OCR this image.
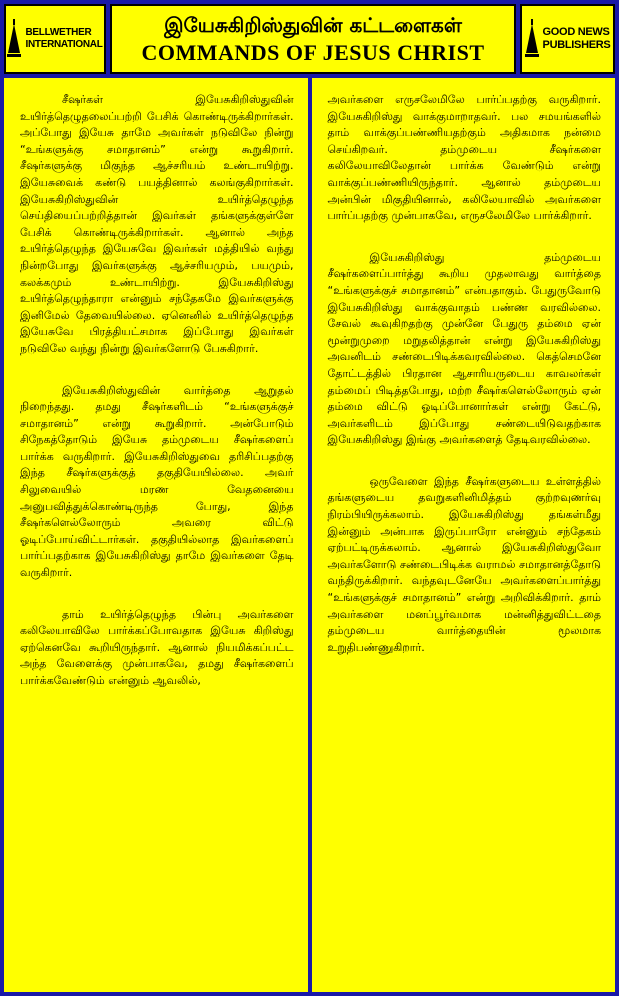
BELLWETHER
INTERNATIONAL
இயேசுகிறிஸ்துவின் கட்டளைகள்
COMMANDS OF JESUS CHRIST
GOOD NEWS
PUBLISHERS

சீஷர்கள் இயேசுகிறிஸ்துவின் உயிர்த்தெழுதலைப்பற்றி பேசிக் கொண்டிருக்கிறார்கள். அப்போது இயேசு தாமே அவர்கள் நடுவிலே நின்று “உங்களுக்கு சமாதானம்” என்று கூறுகிறார். சீஷர்களுக்கு மிகுந்த ஆச்சரியம் உண்டாயிற்று. இயேசுவைக் கண்டு பயத்தினால் கலங்குகிறார்கள். இயேசுகிறிஸ்துவின் உயிர்த்தெழுந்த செய்தியைப்பற்றித்தான் இவர்கள் தங்களுக்குள்ளே பேசிக் கொண்டிருக்கிறார்கள். ஆனால் அந்த உயிர்த்தெழுந்த இயேசுவே இவர்கள் மத்தியில் வந்து நின்றபோது இவர்களுக்கு ஆச்சரியமும், பயமும், கலக்கமும் உண்டாயிற்று. இயேசுகிறிஸ்து உயிர்த்தெழுந்தாரா என்னும் சந்தேகமே இவர்களுக்கு இனிமேல் தேவையில்லை. ஏனெனில் உயிர்த்தெழுந்த இயேசுவே பிரத்தியட்சமாக இப்போது இவர்கள் நடுவிலே வந்து நின்று இவர்களோடு பேசுகிறார்.

இயேசுகிறிஸ்துவின் வார்த்தை ஆறுதல் நிறைந்தது. தமது சீஷர்களிடம் “உங்களுக்குச் சமாதானம்” என்று கூறுகிறார். அன்போடும் சிநேகத்தோடும் இயேசு தம்முடைய சீஷர்களைப் பார்க்க வருகிறார். இயேசுகிறிஸ்துவை தரிசிப்பதற்கு இந்த சீஷர்களுக்குத் தகுதியேயில்லை. அவர் சிலுவையில் மரண வேதனையை அனுபவித்துக்கொண்டிருந்த போது, இந்த சீஷர்களெல்லோரும் அவரை விட்டு ஓடிப்போய்விட்டார்கள். தகுதியில்லாத இவர்களைப் பார்ப்பதற்காக இயேசுகிறிஸ்து தாமே இவர்களை தேடி வருகிறார்.

தாம் உயிர்த்தெழுந்த பின்பு அவர்களை கலிலேயாவிலே பார்க்கப்போவதாக இயேசு கிறிஸ்து ஏற்கெனவே கூறியிருந்தார். ஆனால் நியமிக்கப்பட்ட அந்த வேளைக்கு முன்பாகவே, தமது சீஷர்களைப் பார்க்கவேண்டும் என்னும் ஆவலில்,

அவர்களை எருசலேமிலே பார்ப்பதற்கு வருகிறார். இயேசுகிறிஸ்து வாக்குமாறாதவர். பல சமயங்களில் தாம் வாக்குப்பண்ணியதற்கும் அதிகமாக நன்மை செய்கிறவர். தம்முடைய சீஷர்களை கலிலேயாவிலேதான் பார்க்க வேண்டும் என்று வாக்குப்பண்ணியிருந்தார். ஆனால் தம்முடைய அன்பின் மிகுதியினால், கலிலேயாவில் அவர்களை பார்ப்பதற்கு முன்பாகவே, எருசலேமிலே பார்க்கிறார்.

இயேசுகிறிஸ்து தம்முடைய சீஷர்களைப்பார்த்து கூறிய முதலாவது வார்த்தை “உங்களுக்குச் சமாதானம்” என்பதாகும். பேதுருவோடு இயேசுகிறிஸ்து வாக்குவாதம் பண்ண வரவில்லை. சேவல் கூவுகிறதற்கு முன்னே பேதுரு தம்மை ஏன் மூன்றுமுறை மறுதலித்தான் என்று இயேசுகிறிஸ்து அவனிடம் சண்டைபிடிக்கவரவில்லை. கெத்செமனே தோட்டத்தில் பிரதான ஆசாரியருடைய காவலர்கள் தம்மைப் பிடித்தபோது, மற்ற சீஷர்களெல்லோரும் ஏன் தம்மை விட்டு ஓடிப்போனார்கள் என்று கேட்டு, அவர்களிடம் இப்போது சண்டையிடுவதற்காக இயேசுகிறிஸ்து இங்கு அவர்களைத் தேடிவரவில்லை.

ஒருவேளை இந்த சீஷர்களுடைய உள்ளத்தில் தங்களுடைய தவறுகளினிமித்தம் குற்றவுணர்வு நிரம்பியிருக்கலாம். இயேசுகிறிஸ்து தங்கள்மீது இன்னும் அன்பாக இருப்பாரோ என்னும் சந்தேகம் ஏற்பட்டிருக்கலாம். ஆனால் இயேசுகிறிஸ்துவோ அவர்களோடு சண்டைபிடிக்க வராமல் சமாதானத்தோடு வந்திருக்கிறார். வந்தவுடனேயே அவர்களைப்பார்த்து “உங்களுக்குச் சமாதானம்” என்று அறிவிக்கிறார். தாம் அவர்களை மனப்பூர்வமாக மன்னித்துவிட்டதை தம்முடைய வார்த்தையின் மூலமாக உறுதிபண்ணுகிறார்.
